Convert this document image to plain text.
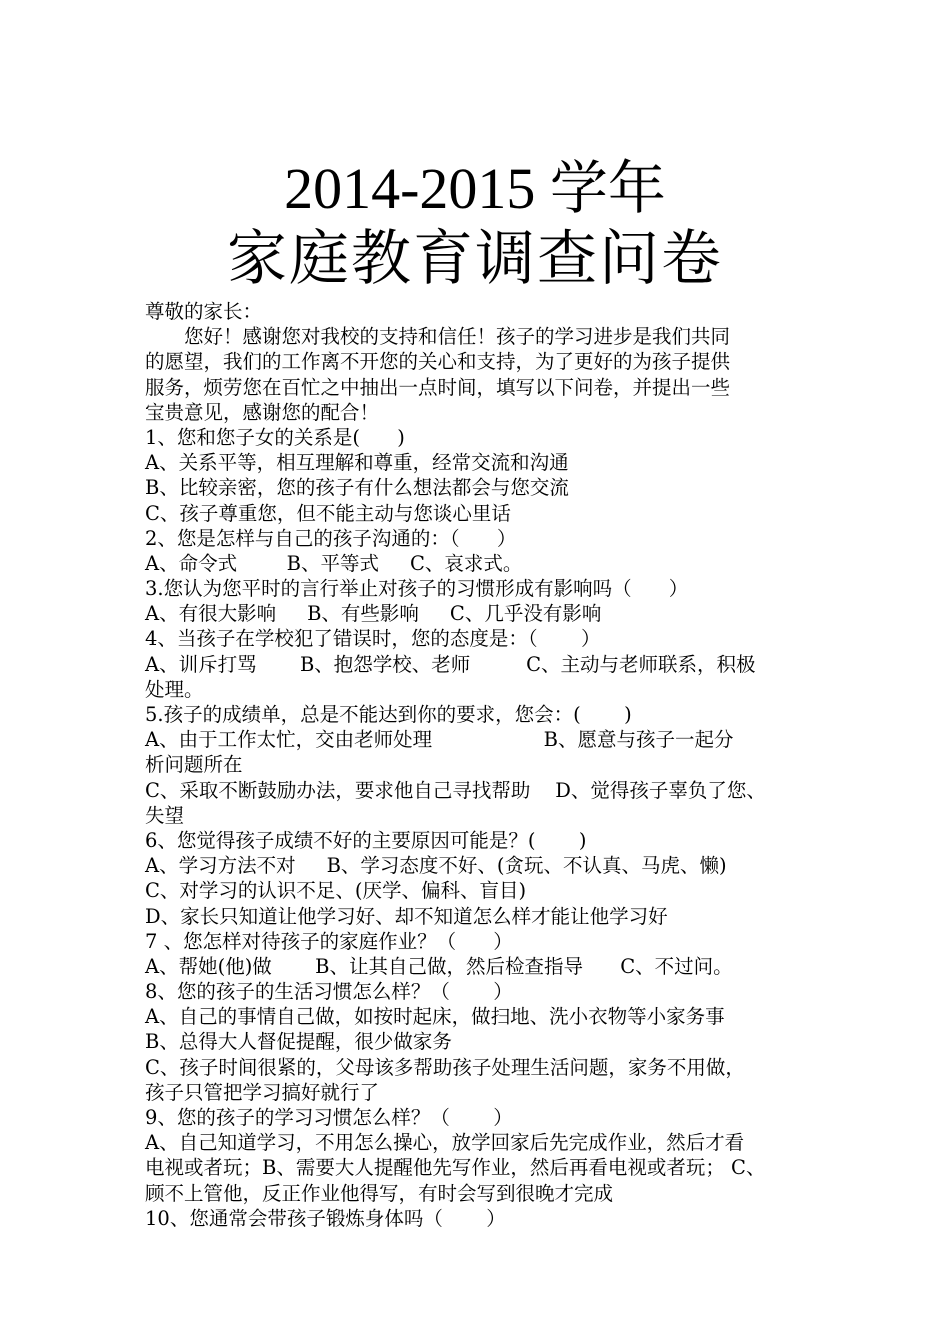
2014-2015 学年
家庭教育调查问卷
尊敬的家长：
您好！感谢您对我校的支持和信任！孩子的学习进步是我们共同
的愿望，我们的工作离不开您的关心和支持，为了更好的为孩子提供
服务，烦劳您在百忙之中抽出一点时间，填写以下问卷，并提出一些
宝贵意见，感谢您的配合！
1、您和您子女的关系是(      )
A、关系平等，相互理解和尊重，经常交流和沟通
B、比较亲密，您的孩子有什么想法都会与您交流
C、孩子尊重您，但不能主动与您谈心里话
2、您是怎样与自己的孩子沟通的：（      ）
A、命令式        B、平等式     C、哀求式。
3.您认为您平时的言行举止对孩子的习惯形成有影响吗（      ）
A、有很大影响     B、有些影响     C、几乎没有影响
4、当孩子在学校犯了错误时，您的态度是：（       ）
A、训斥打骂       B、抱怨学校、老师         C、主动与老师联系，积极
处理。
5.孩子的成绩单，总是不能达到你的要求，您会：(       )
A、由于工作太忙，交由老师处理                  B、愿意与孩子一起分
析问题所在
C、采取不断鼓励办法，要求他自己寻找帮助    D、觉得孩子辜负了您、
失望
6、您觉得孩子成绩不好的主要原因可能是？(       )
A、学习方法不对     B、学习态度不好、(贪玩、不认真、马虎、懒)
C、对学习的认识不足、(厌学、偏科、盲目)
D、家长只知道让他学习好、却不知道怎么样才能让他学习好
7 、您怎样对待孩子的家庭作业？（      ）
A、帮她(他)做       B、让其自己做，然后检查指导      C、不过问。
8、您的孩子的生活习惯怎么样？（       ）
A、自己的事情自己做，如按时起床，做扫地、洗小衣物等小家务事
B、总得大人督促提醒，很少做家务
C、孩子时间很紧的，父母该多帮助孩子处理生活问题，家务不用做，
孩子只管把学习搞好就行了
9、您的孩子的学习习惯怎么样？（       ）
A、自己知道学习，不用怎么操心，放学回家后先完成作业，然后才看
电视或者玩；B、需要大人提醒他先写作业，然后再看电视或者玩； C、
顾不上管他，反正作业他得写，有时会写到很晚才完成
10、您通常会带孩子锻炼身体吗（       ）
